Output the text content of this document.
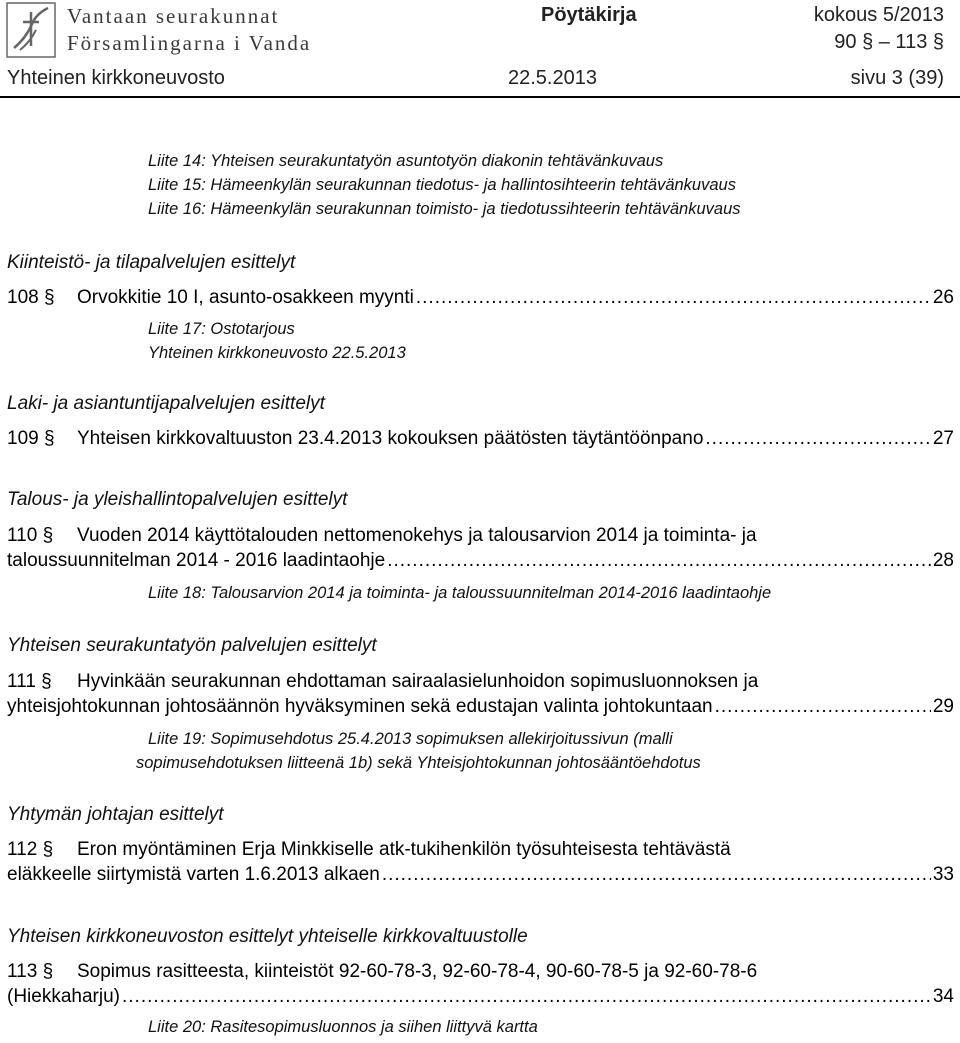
Vantaan seurakunnat
Församlingarna i Vanda
Pöytäkirja	kokous 5/2013
90 § – 113 §
Yhteinen kirkkoneuvosto	22.5.2013	sivu 3 (39)
Liite 14: Yhteisen seurakuntatyön asuntotyön diakonin tehtävänkuvaus
Liite 15: Hämeenkylän seurakunnan tiedotus- ja hallintosihteerin tehtävänkuvaus
Liite 16: Hämeenkylän seurakunnan toimisto- ja tiedotussihteerin tehtävänkuvaus
Kiinteistö- ja tilapalvelujen esittelyt
108 §	Orvokkitie 10 I, asunto-osakkeen myynti .....	26
Liite 17: Ostotarjous
Yhteinen kirkkoneuvosto 22.5.2013
Laki- ja asiantuntijapalvelujen esittelyt
109 §	Yhteisen kirkkovaltuuston 23.4.2013 kokouksen päätösten täytäntöönpano .....	27
Talous- ja yleishallintopalvelujen esittelyt
110 § Vuoden 2014 käyttötalouden nettomenokehys ja talousarvion 2014 ja toiminta- ja
taloussuunnitelman 2014 - 2016 laadintaohje .....	28
Liite 18: Talousarvion 2014 ja toiminta- ja taloussuunnitelman 2014-2016 laadintaohje
Yhteisen seurakuntatyön palvelujen esittelyt
111 § Hyvinkään seurakunnan ehdottaman sairaalasielunhoidon sopimusluonnoksen ja
yhteisjohtokunnan johtosäännön hyväksyminen sekä edustajan valinta johtokuntaan .....	29
Liite 19: Sopimusehdotus 25.4.2013 sopimuksen allekirjoitussivun (malli
sopimusehdotuksen liitteenä 1b) sekä Yhteisjohtokunnan johtosääntöehdotus
Yhtymän johtajan esittelyt
112 § Eron myöntäminen Erja Minkkiselle atk-tukihenkilön työsuhteisesta tehtävästä
eläkkeelle siirtymistä varten 1.6.2013 alkaen .....	33
Yhteisen kirkkoneuvoston esittelyt yhteiselle kirkkovaltuustolle
113 § Sopimus rasitteesta, kiinteistöt 92-60-78-3, 92-60-78-4, 90-60-78-5 ja 92-60-78-6
(Hiekkaharju) .....	34
Liite 20: Rasitesopimusluonnos ja siihen liittyvä kartta
